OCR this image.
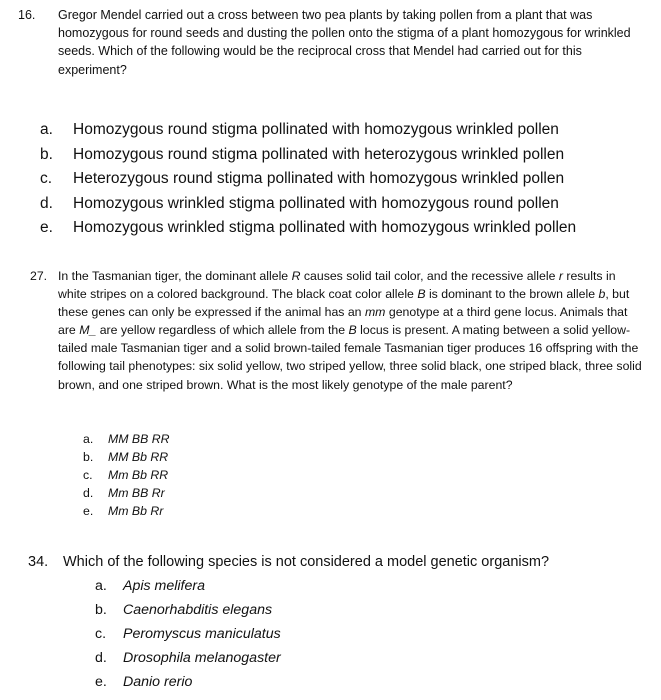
16. Gregor Mendel carried out a cross between two pea plants by taking pollen from a plant that was homozygous for round seeds and dusting the pollen onto the stigma of a plant homozygous for wrinkled seeds. Which of the following would be the reciprocal cross that Mendel had carried out for this experiment?
a. Homozygous round stigma pollinated with homozygous wrinkled pollen
b. Homozygous round stigma pollinated with heterozygous wrinkled pollen
c. Heterozygous round stigma pollinated with homozygous wrinkled pollen
d. Homozygous wrinkled stigma pollinated with homozygous round pollen
e. Homozygous wrinkled stigma pollinated with homozygous wrinkled pollen
27. In the Tasmanian tiger, the dominant allele R causes solid tail color, and the recessive allele r results in white stripes on a colored background. The black coat color allele B is dominant to the brown allele b, but these genes can only be expressed if the animal has an mm genotype at a third gene locus. Animals that are M_ are yellow regardless of which allele from the B locus is present. A mating between a solid yellow-tailed male Tasmanian tiger and a solid brown-tailed female Tasmanian tiger produces 16 offspring with the following tail phenotypes: six solid yellow, two striped yellow, three solid black, one striped black, three solid brown, and one striped brown. What is the most likely genotype of the male parent?
a. MM BB RR
b. MM Bb RR
c. Mm Bb RR
d. Mm BB Rr
e. Mm Bb Rr
34. Which of the following species is not considered a model genetic organism?
a. Apis melifera
b. Caenorhabditis elegans
c. Peromyscus maniculatus
d. Drosophila melanogaster
e. Danio rerio
